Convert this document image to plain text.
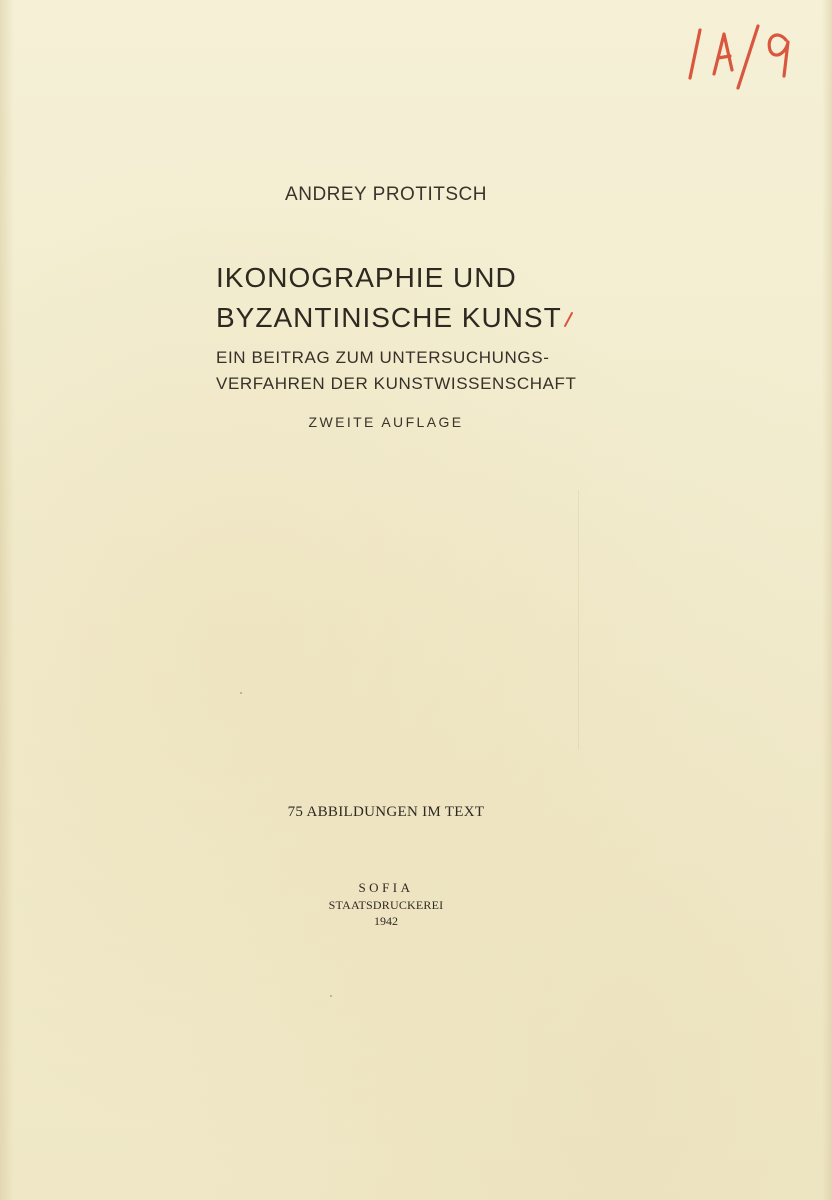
ANDREY PROTITSCH
IKONOGRAPHIE UND
BYZANTINISCHE KUNST
EIN BEITRAG ZUM UNTERSUCHUNGS-
VERFAHREN DER KUNSTWISSENSCHAFT
ZWEITE AUFLAGE
75 ABBILDUNGEN IM TEXT
SOFIA
STAATSDRUCKEREI
1942
